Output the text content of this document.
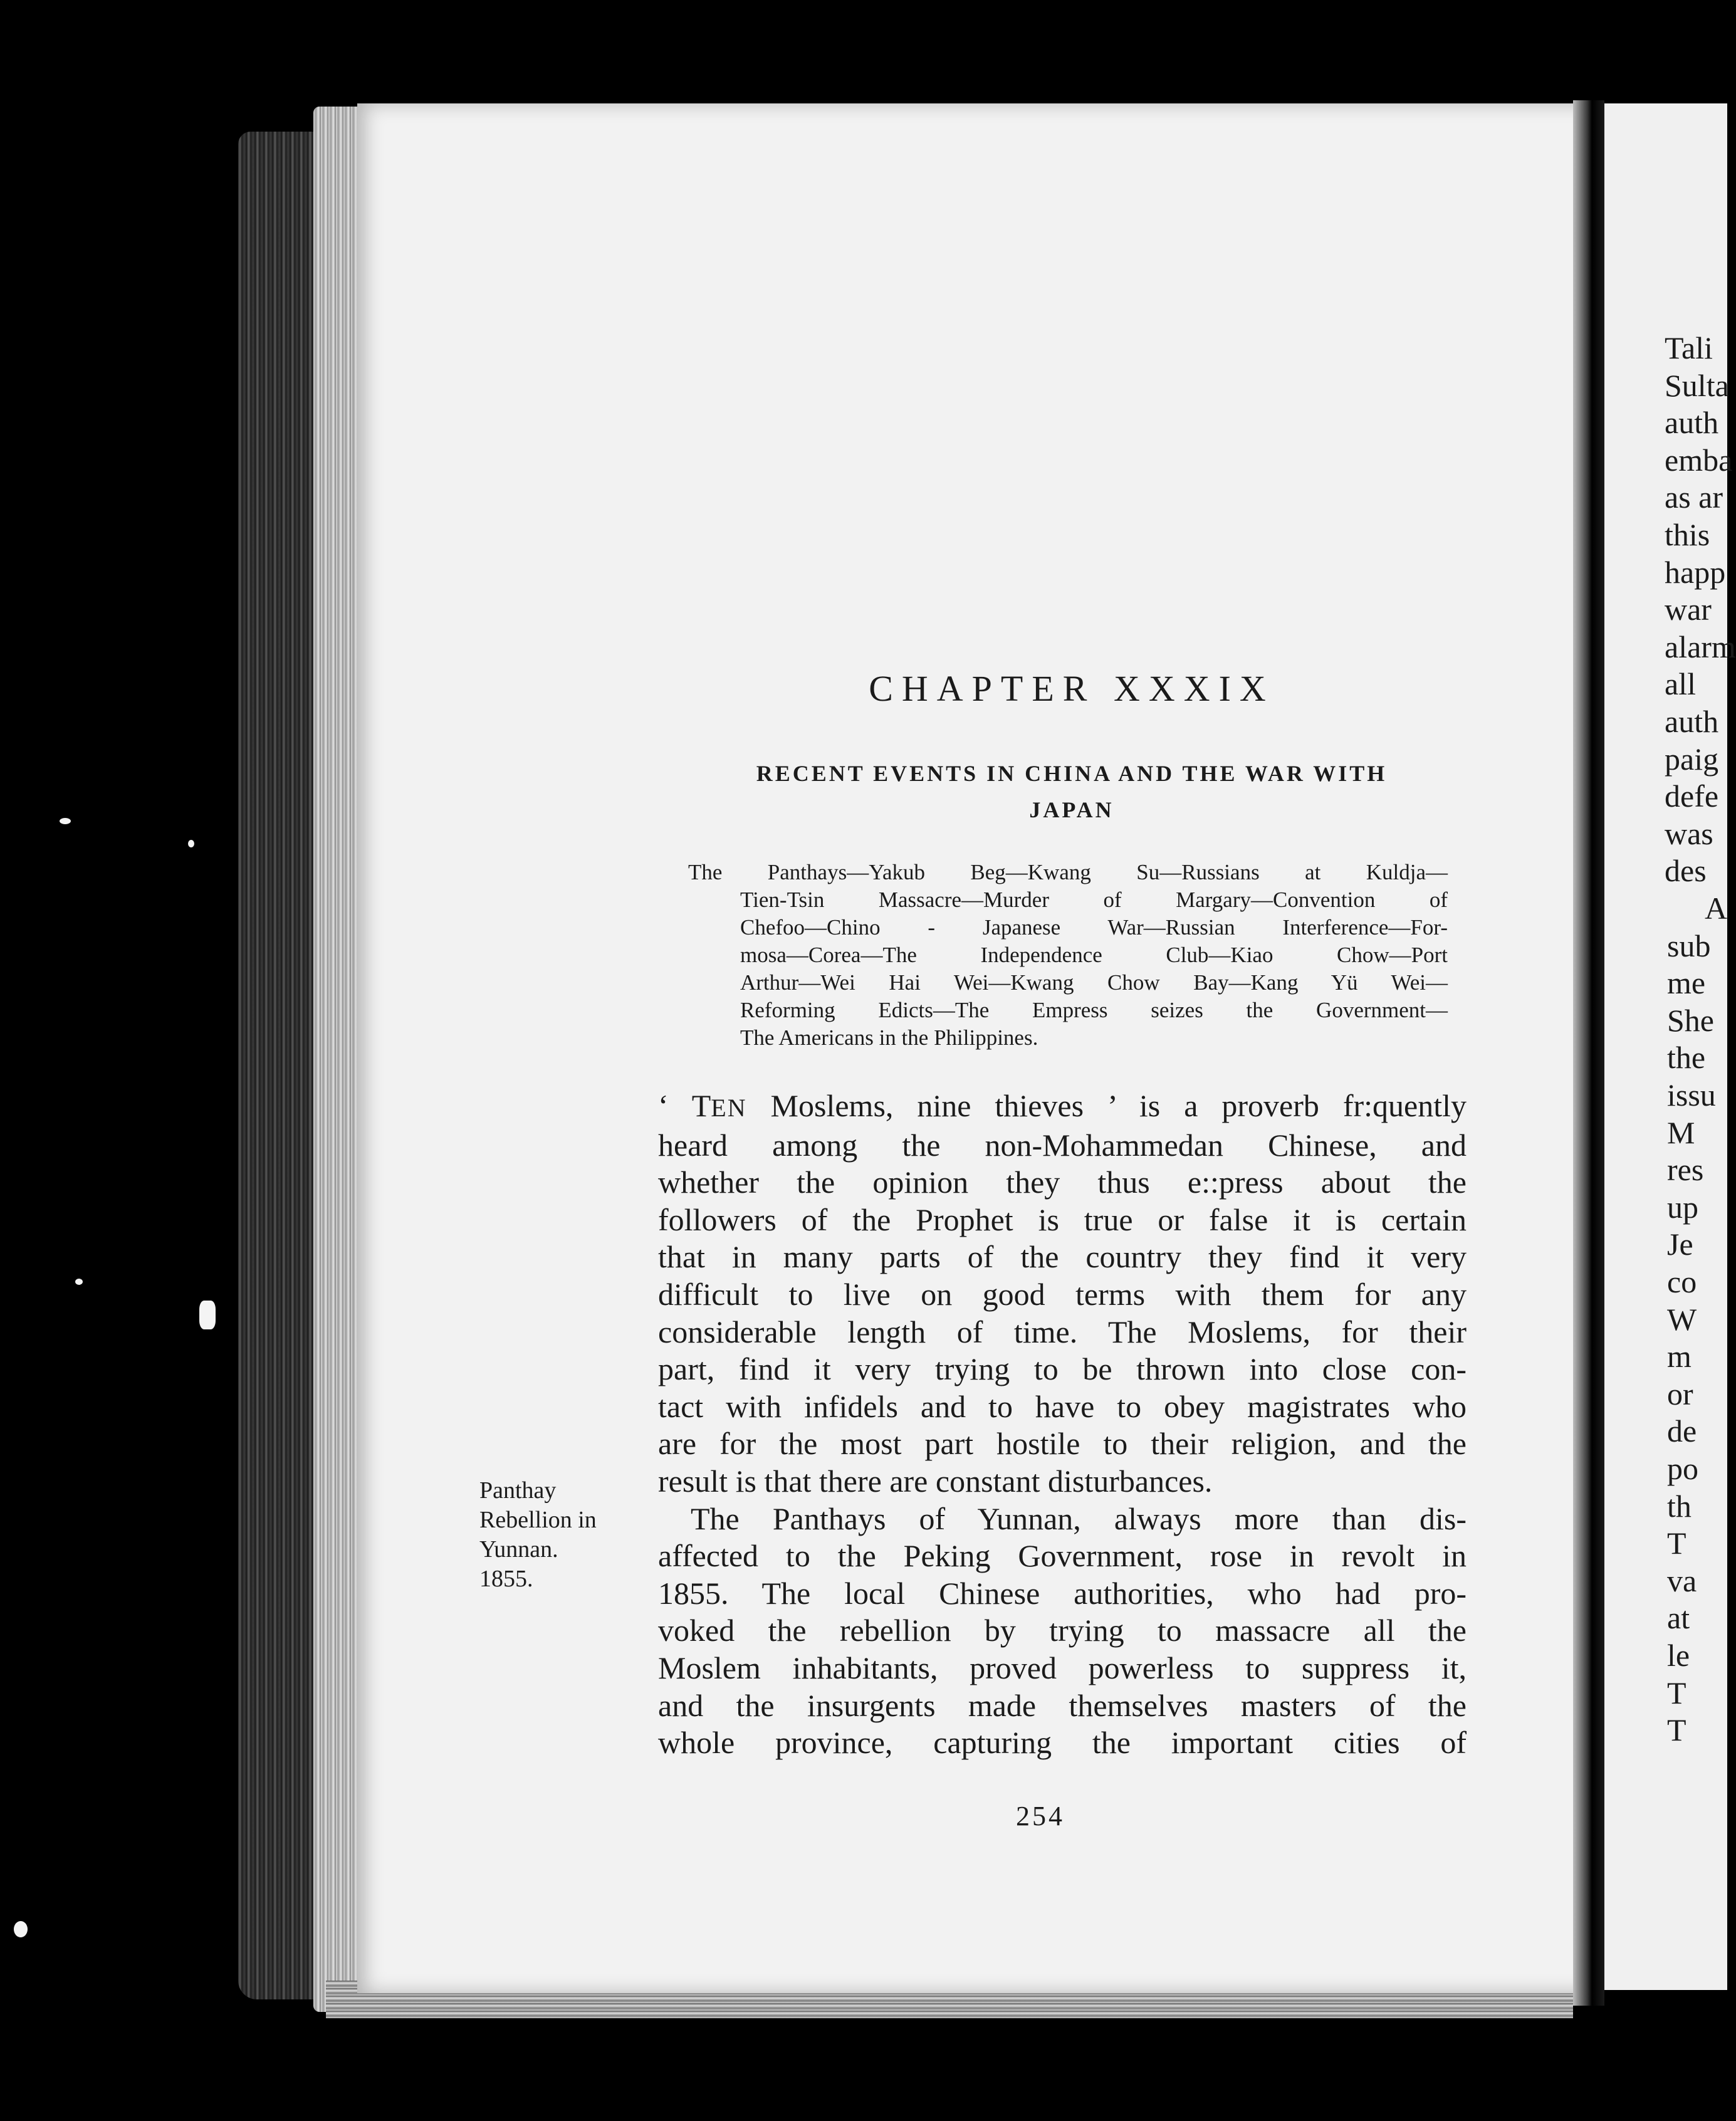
Tali
Sulta
auth
emba
as ar
this
happ
war
alarm
all
auth
paig
defe
was
des
A
sub
me
She
the
issu
M
res
up
Je
co
W
m
or
de
po
th
T
va
at
le
T
T
CHAPTER XXXIX
RECENT EVENTS IN CHINA AND THE WAR WITH
JAPAN
The Panthays—Yakub Beg—Kwang Su—Russians at Kuldja—
Tien-Tsin Massacre—Murder of Margary—Convention of
Chefoo—Chino - Japanese War—Russian Interference—For-
mosa—Corea—The Independence Club—Kiao Chow—Port
Arthur—Wei Hai Wei—Kwang Chow Bay—Kang Yü Wei—
Reforming Edicts—The Empress seizes the Government—
The Americans in the Philippines.
‘ TEN Moslems, nine thieves ’ is a proverb fr:quently
heard among the non-Mohammedan Chinese, and
whether the opinion they thus e::press about the
followers of the Prophet is true or false it is certain
that in many parts of the country they find it very
difficult to live on good terms with them for any
considerable length of time. The Moslems, for their
part, find it very trying to be thrown into close con-
tact with infidels and to have to obey magistrates who
are for the most part hostile to their religion, and the
result is that there are constant disturbances.
The Panthays of Yunnan, always more than dis-
affected to the Peking Government, rose in revolt in
1855. The local Chinese authorities, who had pro-
voked the rebellion by trying to massacre all the
Moslem inhabitants, proved powerless to suppress it,
and the insurgents made themselves masters of the
whole province, capturing the important cities of
Panthay
Rebellion in
Yunnan.
1855.
254
